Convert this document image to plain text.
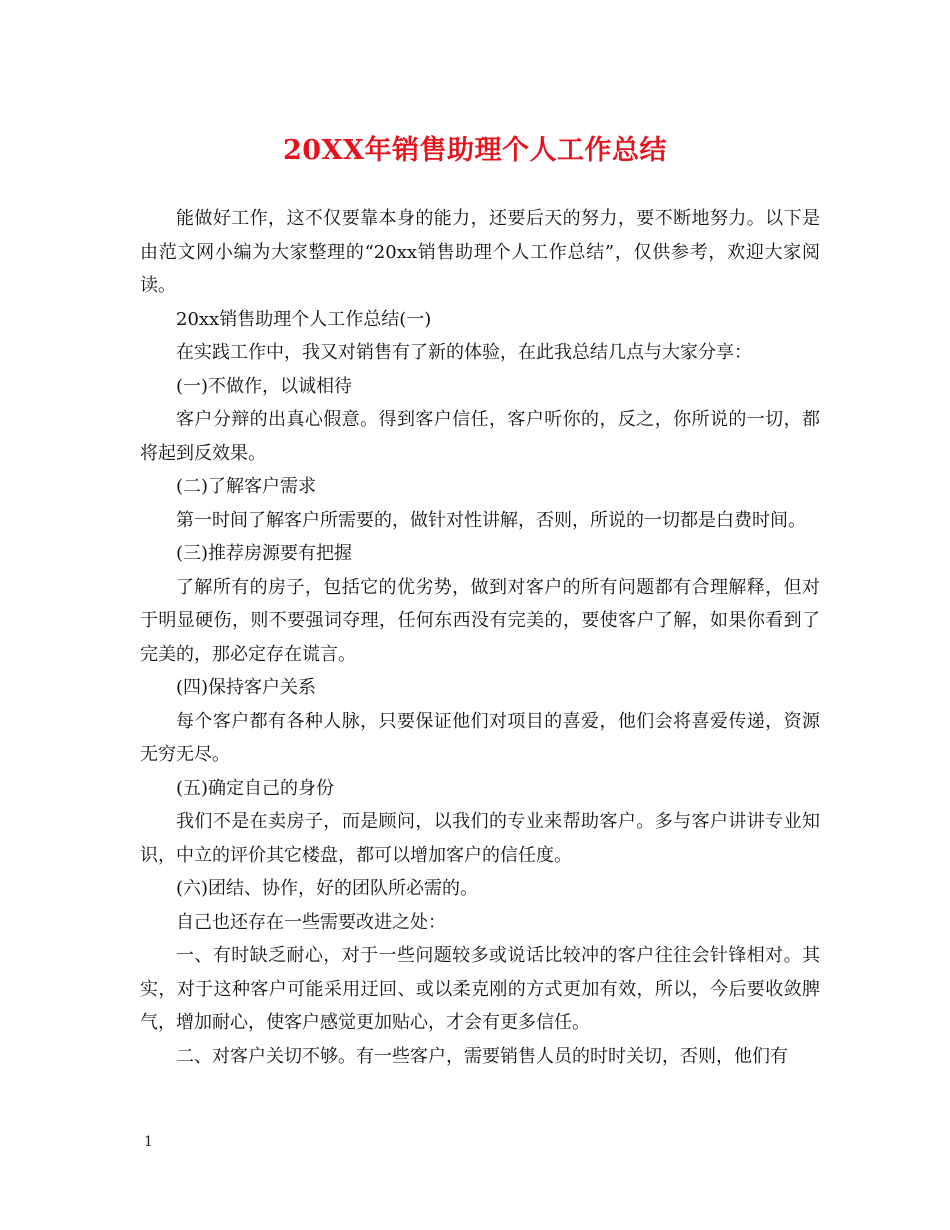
20XX年销售助理个人工作总结

能做好工作，这不仅要靠本身的能力，还要后天的努力，要不断地努力。以下是由范文网小编为大家整理的“20xx销售助理个人工作总结”，仅供参考，欢迎大家阅读。

20xx销售助理个人工作总结(一)

在实践工作中，我又对销售有了新的体验，在此我总结几点与大家分享：

(一)不做作，以诚相待

客户分辩的出真心假意。得到客户信任，客户听你的，反之，你所说的一切，都将起到反效果。

(二)了解客户需求

第一时间了解客户所需要的，做针对性讲解，否则，所说的一切都是白费时间。

(三)推荐房源要有把握

了解所有的房子，包括它的优劣势，做到对客户的所有问题都有合理解释，但对于明显硬伤，则不要强词夺理，任何东西没有完美的，要使客户了解，如果你看到了完美的，那必定存在谎言。

(四)保持客户关系

每个客户都有各种人脉，只要保证他们对项目的喜爱，他们会将喜爱传递，资源无穷无尽。

(五)确定自己的身份

我们不是在卖房子，而是顾问，以我们的专业来帮助客户。多与客户讲讲专业知识，中立的评价其它楼盘，都可以增加客户的信任度。

(六)团结、协作，好的团队所必需的。

自己也还存在一些需要改进之处：

一、有时缺乏耐心，对于一些问题较多或说话比较冲的客户往往会针锋相对。其实，对于这种客户可能采用迂回、或以柔克刚的方式更加有效，所以，今后要收敛脾气，增加耐心，使客户感觉更加贴心，才会有更多信任。

二、对客户关切不够。有一些客户，需要销售人员的时时关切，否则，他们有

1
